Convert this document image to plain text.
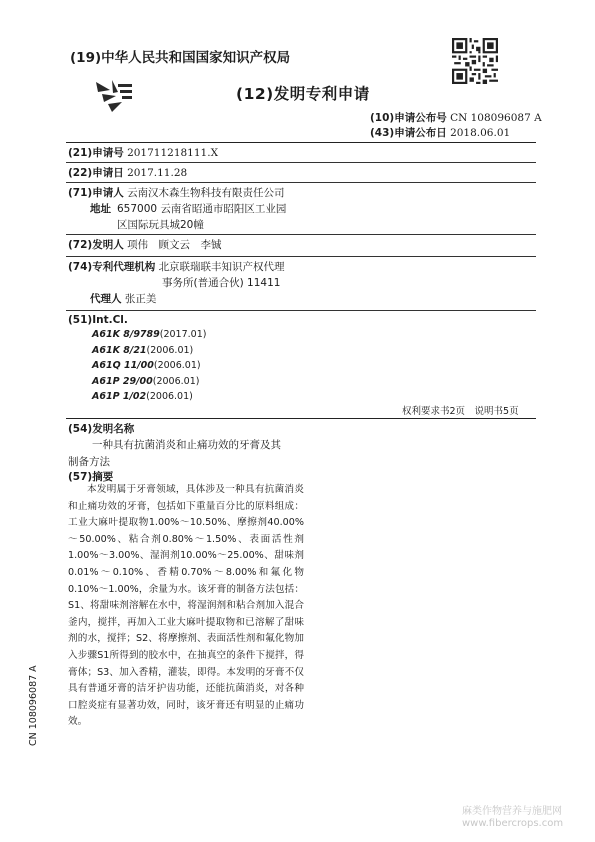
(19)中华人民共和国国家知识产权局
(12)发明专利申请
(10)申请公布号 CN 108096087 A
(43)申请公布日 2018.06.01
(21)申请号 201711218111.X
(22)申请日 2017.11.28
(71)申请人 云南汉木森生物科技有限责任公司
地址 657000 云南省昭通市昭阳区工业园
区国际玩具城20幢
(72)发明人 项伟　顾文云　李铖
(74)专利代理机构 北京联瑞联丰知识产权代理
事务所(普通合伙) 11411
代理人 张正美
(51)Int.Cl.
A61K 8/9789(2017.01)
A61K 8/21(2006.01)
A61Q 11/00(2006.01)
A61P 29/00(2006.01)
A61P 1/02(2006.01)
权利要求书2页　说明书5页
(54)发明名称
一种具有抗菌消炎和止痛功效的牙膏及其
制备方法
(57)摘要
本发明属于牙膏领域，具体涉及一种具有抗菌消炎和止痛功效的牙膏，包括如下重量百分比的原料组成：工业大麻叶提取物1.00%～10.50%、摩擦剂40.00%～50.00%、粘合剂0.80%～1.50%、表面活性剂1.00%～3.00%、湿润剂10.00%～25.00%、甜味剂0.01%～0.10%、香精0.70%～8.00%和氟化物0.10%～1.00%，余量为水。该牙膏的制备方法包括：S1、将甜味剂溶解在水中，将湿润剂和粘合剂加入混合釜内，搅拌，再加入工业大麻叶提取物和已溶解了甜味剂的水，搅拌；S2、将摩擦剂、表面活性剂和氟化物加入步骤S1所得到的胶水中，在抽真空的条件下搅拌，得膏体；S3、加入香精，灌装，即得。本发明的牙膏不仅具有普通牙膏的洁牙护齿功能，还能抗菌消炎，对各种口腔炎症有显著功效，同时，该牙膏还有明显的止痛功效。
CN 108096087 A
麻类作物营养与施肥网
www.fibercrops.com
